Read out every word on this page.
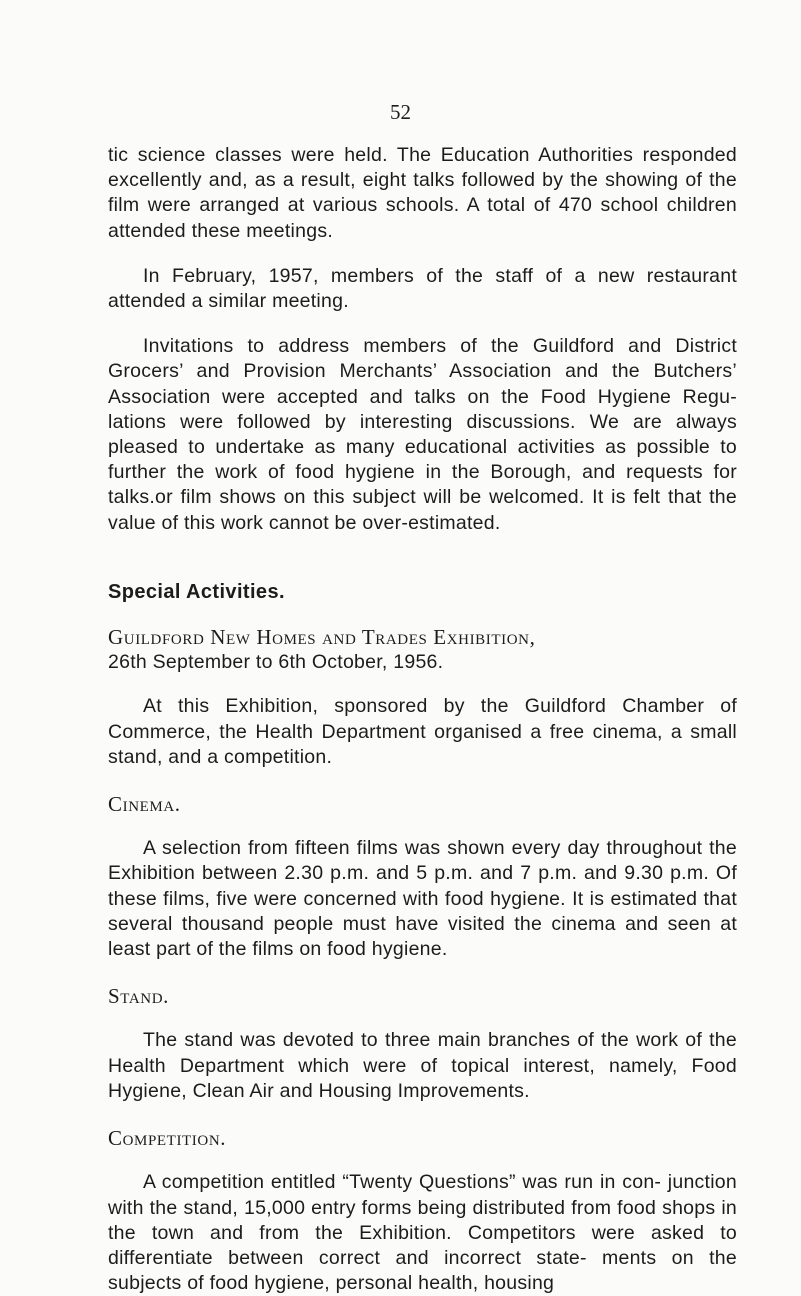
52

tic science classes were held. The Education Authorities responded excellently and, as a result, eight talks followed by the showing of the film were arranged at various schools. A total of 470 school children attended these meetings.

In February, 1957, members of the staff of a new restaurant attended a similar meeting.

Invitations to address members of the Guildford and District Grocers’ and Provision Merchants’ Association and the Butchers’ Association were accepted and talks on the Food Hygiene Regu- lations were followed by interesting discussions. We are always pleased to undertake as many educational activities as possible to further the work of food hygiene in the Borough, and requests for talks.or film shows on this subject will be welcomed. It is felt that the value of this work cannot be over-estimated.

Special Activities.

Guildford New Homes and Trades Exhibition,

26th September to 6th October, 1956.

At this Exhibition, sponsored by the Guildford Chamber of Commerce, the Health Department organised a free cinema, a small stand, and a competition.

Cinema.

A selection from fifteen films was shown every day throughout the Exhibition between 2.30 p.m. and 5 p.m. and 7 p.m. and 9.30 p.m. Of these films, five were concerned with food hygiene. It is estimated that several thousand people must have visited the cinema and seen at least part of the films on food hygiene.

Stand.

The stand was devoted to three main branches of the work of the Health Department which were of topical interest, namely, Food Hygiene, Clean Air and Housing Improvements.

Competition.

A competition entitled “Twenty Questions” was run in con- junction with the stand, 15,000 entry forms being distributed from food shops in the town and from the Exhibition. Competitors were asked to differentiate between correct and incorrect state- ments on the subjects of food hygiene, personal health, housing
